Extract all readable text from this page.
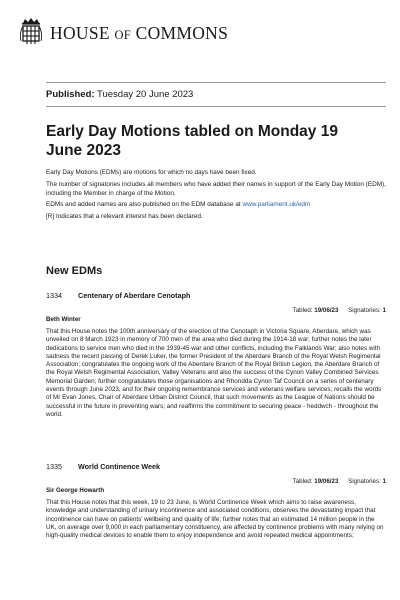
HOUSE OF COMMONS
Published: Tuesday 20 June 2023
Early Day Motions tabled on Monday 19 June 2023

Early Day Motions (EDMs) are motions for which no days have been fixed.

The number of signatories includes all members who have added their names in support of the Early Day Motion (EDM), including the Member in charge of the Motion.

EDMs and added names are also published on the EDM database at www.parliament.uk/edm

[R] Indicates that a relevant interest has been declared.

New EDMs
1334 Centenary of Aberdare Cenotaph
Tabled: 19/06/23 Signatories: 1
Beth Winter
That this House notes the 100th anniversary of the erection of the Cenotaph in Victoria Square, Aberdare, which was unveiled on 8 March 1923 in memory of 700 men of the area who died during the 1914-18 war; further notes the later dedications to service men who died in the 1939-45 war and other conflicts, including the Falklands War; also notes with sadness the recent passing of Derek Luker, the former President of the Aberdare Branch of the Royal Welsh Regimental Association; congratulates the ongoing work of the Aberdare Branch of the Royal British Legion, the Aberdare Branch of the Royal Welsh Regimental Association, Valley Veterans and also the success of the Cynon Valley Combined Services Memorial Garden; further congratulates those organisations and Rhondda Cynon Taf Council on a series of centenary events through June 2023, and for their ongoing remembrance services and veterans welfare services; recalls the words of Mr Evan Jones, Chair of Aberdare Urban District Council, that such movements as the League of Nations should be successful in the future in preventing wars; and reaffirms the commitment to securing peace - heddwch - throughout the world.
1335 World Continence Week
Tabled: 19/06/23 Signatories: 1
Sir George Howarth
That this House notes that this week, 19 to 23 June, is World Continence Week which aims to raise awareness, knowledge and understanding of urinary incontinence and associated conditions, observes the devastating impact that incontinence can have on patients' wellbeing and quality of life; further notes that an estimated 14 million people in the UK, on average over 9,000 in each parliamentary constituency, are affected by continence problems with many relying on high-quality medical devices to enable them to enjoy independence and avoid repeated medical appointments;
